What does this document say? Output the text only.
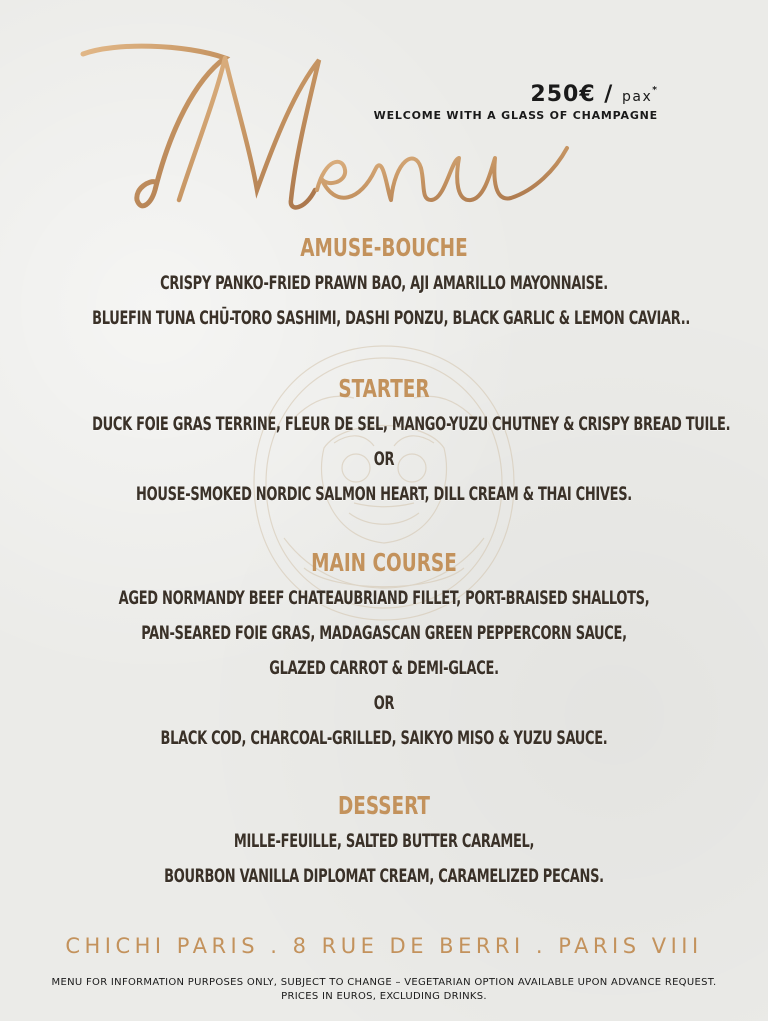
250€ / pax*
WELCOME WITH A GLASS OF CHAMPAGNE
AMUSE-BOUCHE
CRISPY PANKO-FRIED PRAWN BAO, AJI AMARILLO MAYONNAISE.
BLUEFIN TUNA CHŪ-TORO SASHIMI, DASHI PONZU, BLACK GARLIC & LEMON CAVIAR..
STARTER
DUCK FOIE GRAS TERRINE, FLEUR DE SEL, MANGO-YUZU CHUTNEY & CRISPY BREAD TUILE.
OR
HOUSE-SMOKED NORDIC SALMON HEART, DILL CREAM & THAI CHIVES.
MAIN COURSE
AGED NORMANDY BEEF CHATEAUBRIAND FILLET, PORT-BRAISED SHALLOTS,
PAN-SEARED FOIE GRAS, MADAGASCAN GREEN PEPPERCORN SAUCE,
GLAZED CARROT & DEMI-GLACE.
OR
BLACK COD, CHARCOAL-GRILLED, SAIKYO MISO & YUZU SAUCE.
DESSERT
MILLE-FEUILLE, SALTED BUTTER CARAMEL,
BOURBON VANILLA DIPLOMAT CREAM, CARAMELIZED PECANS.
CHICHI PARIS . 8 RUE DE BERRI . PARIS VIII
MENU FOR INFORMATION PURPOSES ONLY, SUBJECT TO CHANGE – VEGETARIAN OPTION AVAILABLE UPON ADVANCE REQUEST.
PRICES IN EUROS, EXCLUDING DRINKS.
